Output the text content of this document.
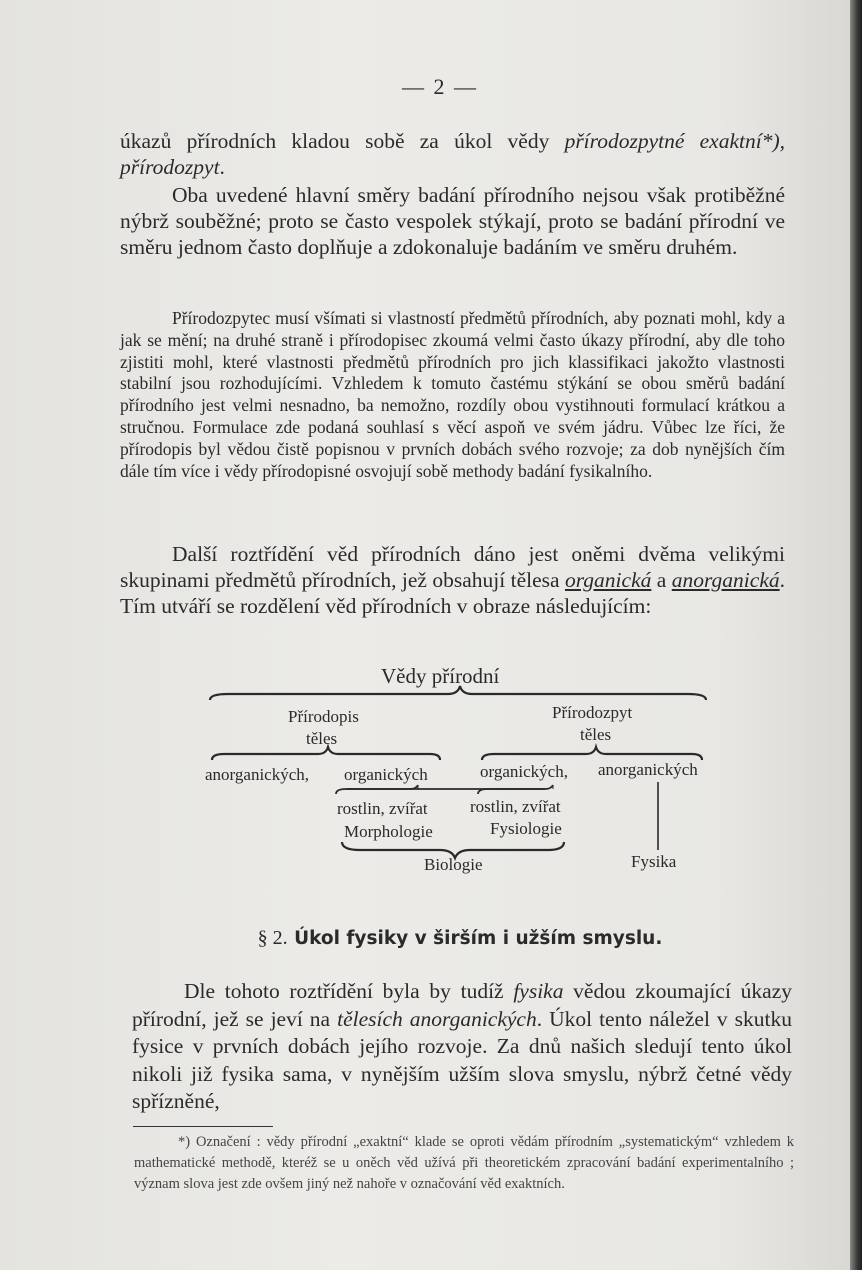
— 2 —

úkazů přírodních kladou sobě za úkol vědy přírodozpytné exaktní*), přírodozpyt.

Oba uvedené hlavní směry badání přírodního nejsou však protiběžné nýbrž souběžné; proto se často vespolek stýkají, proto se badání přírodní ve směru jednom často doplňuje a zdokonaluje badáním ve směru druhém.

Přírodozpytec musí všímati si vlastností předmětů přírodních, aby poznati mohl, kdy a jak se mění; na druhé straně i přírodopisec zkoumá velmi často úkazy přírodní, aby dle toho zjistiti mohl, které vlastnosti předmětů přírodních pro jich klassifikaci jakožto vlastnosti stabilní jsou rozhodujícími. Vzhledem k tomuto častému stýkání se obou směrů badání přírodního jest velmi nesnadno, ba nemožno, rozdíly obou vystihnouti formulací krátkou a stručnou. Formulace zde podaná souhlasí s věcí aspoň ve svém jádru. Vůbec lze říci, že přírodopis byl vědou čistě popisnou v prvních dobách svého rozvoje; za dob nynějších čím dále tím více i vědy přírodopisné osvojují sobě methody badání fysikalního.

Další roztřídění věd přírodních dáno jest oněmi dvěma velikými skupinami předmětů přírodních, jež obsahují tělesa organická a anorganická. Tím utváří se rozdělení věd přírodních v obraze následujícím:

Vědy přírodní
Přírodopis
těles
Přírodozpyt
těles
anorganických, organických	organických, anorganických
rostlin, zvířat rostlin, zvířat
Morphologie	Fysiologie
Biologie	Fysika
§ 2. Úkol fysiky v širším i užším smyslu.

Dle tohoto roztřídění byla by tudíž fysika vědou zkoumající úkazy přírodní, jež se jeví na tělesích anorganických. Úkol tento náležel v skutku fysice v prvních dobách jejího rozvoje. Za dnů našich sledují tento úkol nikoli již fysika sama, v nynějším užším slova smyslu, nýbrž četné vědy spřízněné,

*) Označení : vědy přírodní „exaktní“ klade se oproti vědám přírodním „systematickým“ vzhledem k mathematické methodě, kteréž se u oněch věd užívá při theoretickém zpracování badání experimentalního ; význam slova jest zde ovšem jiný než nahoře v označování věd exaktních.
